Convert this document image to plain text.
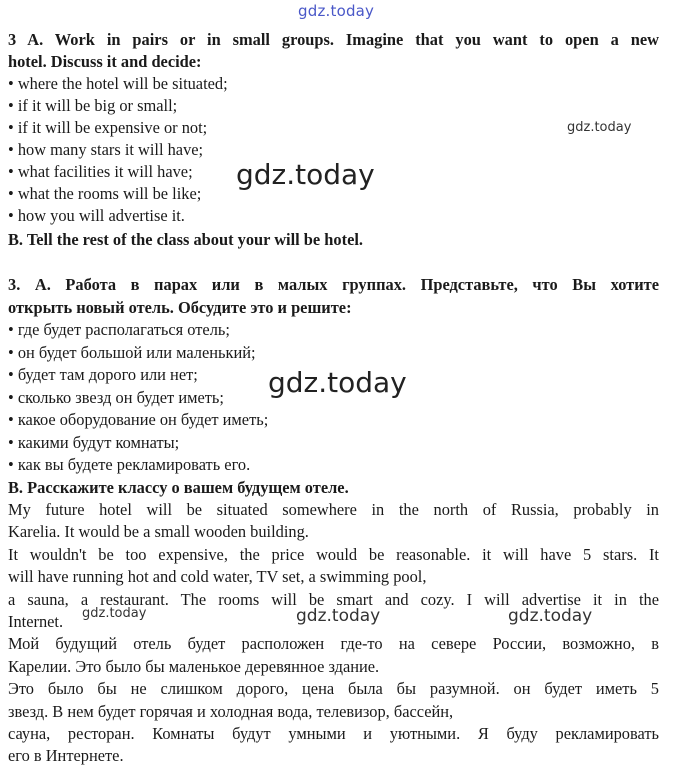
gdz.today
gdz.today
gdz.today
gdz.today
3 A. Work in pairs or in small groups. Imagine that you want to open a new
hotel. Discuss it and decide:
• where the hotel will be situated;
• if it will be big or small;
• if it will be expensive or not;
• how many stars it will have;
• what facilities it will have;
• what the rooms will be like;
• how you will advertise it.
B. Tell the rest of the class about your will be hotel.
3. А. Работа в парах или в малых группах. Представьте, что Вы хотите
открыть новый отель. Обсудите это и решите:
• где будет располагаться отель;
• он будет большой или маленький;
• будет там дорого или нет;
• сколько звезд он будет иметь;
• какое оборудование он будет иметь;
• какими будут комнаты;
• как вы будете рекламировать его.
В. Расскажите классу о вашем будущем отеле.
My future hotel will be situated somewhere in the north of Russia, probably in
Karelia. It would be a small wooden building.
It wouldn't be too expensive, the price would be reasonable. it will have 5 stars. It
will have running hot and cold water, TV set, a swimming pool,
a sauna, a restaurant. The rooms will be smart and cozy. I will advertise it in the
Internet. gdz.today	gdz.today	gdz.today
Мой будущий отель будет расположен где-то на севере России, возможно, в
Карелии. Это было бы маленькое деревянное здание.
Это было бы не слишком дорого, цена была бы разумной. он будет иметь 5
звезд. В нем будет горячая и холодная вода, телевизор, бассейн,
сауна, ресторан. Комнаты будут умными и уютными. Я буду рекламировать
его в Интернете.
